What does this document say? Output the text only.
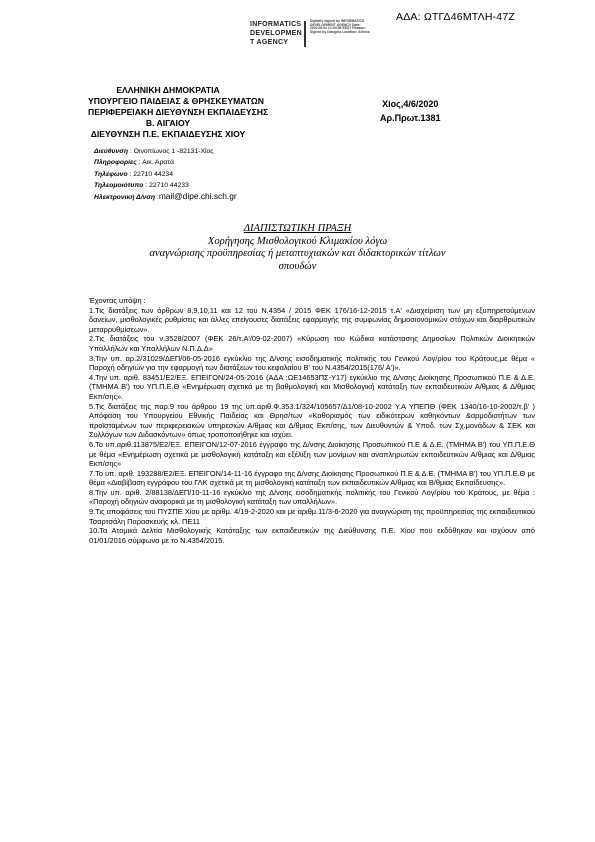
ΑΔΑ: ΩΤΓΔ46ΜΤΛΗ-47Ζ
INFORMATICS
DEVELOPMEN
T AGENCY
Digitally signed by INFORMATICS DEVELOPMENT AGENCY Date: 2020.06.04 12:34:56 EEST Reason: Signed by Diavgeia Location: Athens
ΕΛΛΗΝΙΚΗ ΔΗΜΟΚΡΑΤΙΑ
ΥΠΟΥΡΓΕΙΟ ΠΑΙΔΕΙΑΣ & ΘΡΗΣΚΕΥΜΑΤΩΝ
ΠΕΡΙΦΕΡΕΙΑΚΗ ΔΙΕΥΘΥΝΣΗ ΕΚΠΑΙΔΕΥΣΗΣ
Β. ΑΙΓΑΙΟΥ
ΔΙΕΥΘΥΝΣΗ Π.Ε. ΕΚΠΑΙΔΕΥΣΗΣ ΧΙΟΥ
Χίος,4/6/2020
Αρ.Πρωτ.1381
Διεύθυνση : Οινοπίωνος 1 -82131-Χίος
Πληροφορίες : Αικ. Αρατά
Τηλέφωνο : 22710 44234
Τηλεομοιότυπο : 22710 44233
Ηλεκτρονική Δ/νση :mail@dipe.chi.sch.gr
ΔΙΑΠΙΣΤΩΤΙΚΗ ΠΡΑΞΗ
Χορήγησης Μισθολογικού Κλιμακίου λόγω
αναγνώρισης προϋπηρεσίας ή μεταπτυχιακών και διδακτορικών τίτλων
σπουδών

Έχοντας υπόψη :

1.Τις διατάξεις των άρθρων 8,9,10,11 και 12 του Ν.4354 / 2015 ΦΕΚ 176/16-12-2015 τ.Α' «Διαχείριση των μη εξυπηρετούμενων δανείων, μισθολογικές ρυθμίσεις και άλλες επείγουσες διατάξεις εφαρμογής της συμφωνίας δημοσιονομικών στόχων και διαρθρωτικών μεταρρυθμίσεων».

2.Τις διατάξεις του ν.3528/2007 (ΦΕΚ 26/τ.Α'/09-02-2007) «Κύρωση του Κώδικα κατάστασης Δημοσίων Πολιτικών Διοικητικών Υπαλλήλων και Υπαλλήλων Ν.Π.Δ.Δ»

3.Την υπ. αρ.2/31029/ΔΕΠ/06-05-2016 εγκύκλιο της Δ/νσης εισοδηματικής πολιτικής του Γενικού Λογ/ρίου του Κράτους,με θέμα « Παροχή οδηγιών για την εφαρμογή των διατάξεων του κεφαλαίου Β' του Ν.4354/2015(176/ Α')».

4.Την υπ. αριθ. 83451/Ε2/ΕΞ. ΕΠΕΙΓΟΝ/24-05-2016 (ΑΔΑ :ΩΕ14653ΠΣ-Υ17) εγκύκλιο της Δ/νσης Διοίκησης Προσωπικού Π.Ε & Δ.Ε. (ΤΜΗΜΑ Β') του ΥΠ.Π.Ε.Θ «Ενημέρωση σχετικά με τη βαθμολογική και Μισθολογική κατάταξη των εκπαιδευτικών Α/θμιας & Δ/θμιας Εκπ/σης».

5.Τις διατάξεις της παρ.9 του άρθρου 19 της υπ.αριθ.Φ.353.1/324/105657/Δ1/08-10-2002 Υ.Α ΥΠΕΠΘ (ΦΕΚ 1340/16-10-2002/τ.β' ) Απόφαση του Υπουργείου Εθνικής Παιδείας και Θρησ/των «Καθορισμός των ειδικότερων καθηκόντων &αρμοδιοτήτων των προϊσταμένων των περιφερειακών υπηρεσιών Α/θμιας και Δ/θμιας Εκπ/σης, των Διευθυντών & Υποδ. των Σχ.μονάδων & ΣΕΚ και Συλλόγων των Διδασκόντων» όπως τροποποιήθηκε και ισχύει.

6.Το υπ.αριθ.113875/Ε2/ΕΞ. ΕΠΕΙΓΟΝ/12-07-2016 έγγραφο της Δ/νσης Διοίκησης Προσωπικού Π.Ε & Δ.Ε. (ΤΜΗΜΑ Β') του ΥΠ.Π.Ε.Θ με θέμα «Ενημέρωση σχετικά με μισθολογική κατάταξη και εξέλιξη των μονίμων και αναπληρωτών εκπαιδευτικών Α/θμιας και Δ/θμιας Εκπ/σης»

7.Το υπ. αριθ. 193288/Ε2/ΕΞ. ΕΠΕΙΓΟΝ/14-11-16 έγγραφο της Δ/νσης Διοίκησης Προσωπικού Π.Ε & Δ.Ε. (ΤΜΗΜΑ Β') του ΥΠ.Π.Ε.Θ με θέμα «Διαβίβαση εγγράφου του ΓΛΚ σχετικά με τη μισθολογική κατάταξη των εκπαιδευτικών Α/θμιας και Β/θμιας Εκπαίδευσης».

8.Την υπ. αριθ. 2/88138/ΔΕΠ/10-11-16 εγκύκλιο της Δ/νσης εισοδηματικής πολιτικής του Γενικού Λογ/ρίου του Κράτους, με θέμα : «Παροχή οδηγιών αναφορικά με τη μισθολογική κατάταξη των υπαλλήλων».

9.Τις αποφάσεις του ΠΥΣΠΕ Χίου με αριθμ. 4/19-2-2020 και με αριθμ.11/3-6-2020 για αναγνώριση της προϋπηρεσίας της εκπαιδευτικού Τσαρτσάλη Παρασκευής κλ. ΠΕ11

10.Τα Ατομικά Δελτία Μισθολογικής Κατάταξης των εκπαιδευτικών της Διεύθυνσης Π.Ε. Χίου που εκδόθηκαν και ισχύουν από 01/01/2016 σύμφωνα με το Ν.4354/2015.
